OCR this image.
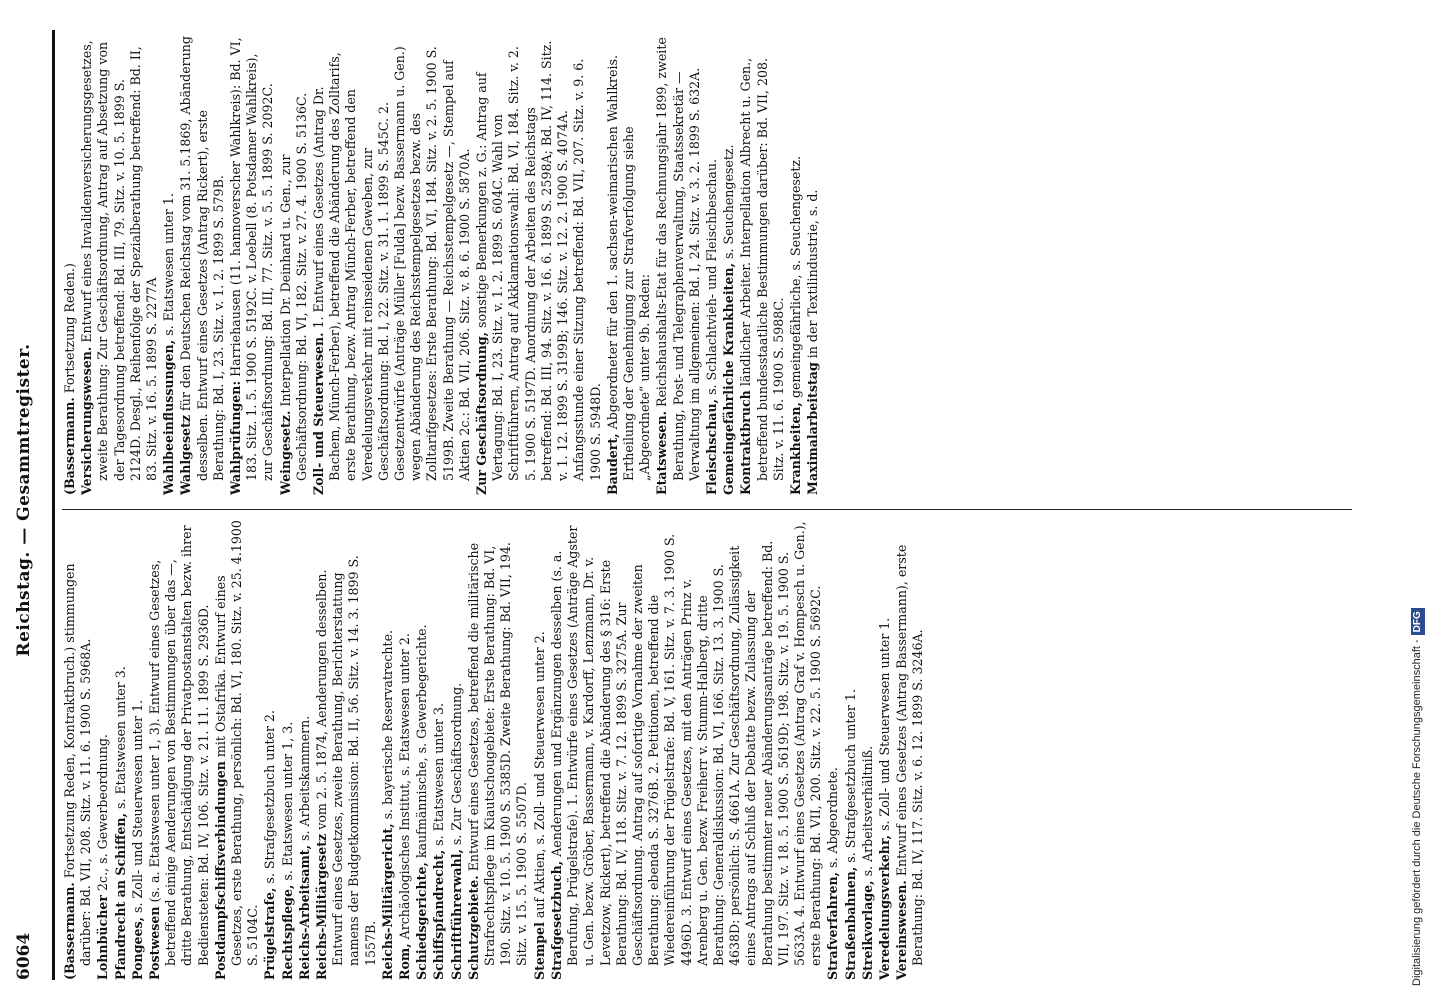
6064
Reichstag. — Gesammtregister.
(Bassermann. Fortsetzung Reden, Kontraktbruch.) stimmungen darüber: Bd. VII, 208. Sitz. v. 11. 6. 1900 S. 5968A. Lohnbücher 2c., s. Gewerbeordnung.
Pfandrecht an Schiffen, s. Etatswesen unter 3.
Pongees, s. Zoll- und Steuerwesen unter 1.
Postwesen (s. a. Etatswesen unter 1, 3). Entwurf eines Gesetzes, betreffend einige Aenderungen von Bestimmungen über das —, dritte Berathung, Entschädigung der Privatpostanstalten bezw. ihrer Bediensteten: Bd. IV, 106. Sitz. v. 21. 11. 1899 S. 2936D. Postdampfschiffsverbindungen mit Ostafrika. Entwurf eines Gesetzes, erste Berathung, persönlich: Bd. VI, 180. Sitz. v. 25. 4.1900 S. 5104C. Prügelstrafe, s. Strafgesetzbuch unter 2.
Rechtspflege, s. Etatswesen unter 1, 3.
Reichs-Arbeitsamt, s. Arbeitskammern.
Reichs-Militärgesetz vom 2. 5. 1874, Aenderungen desselben. Entwurf eines Gesetzes, zweite Berathung, Berichterstattung namens der Budgetkommission: Bd. II, 56. Sitz. v. 14. 3. 1899 S. 1557B. Reichs-Militärgericht, s. bayerische Reservatrechte.
Rom, Archäologisches Institut, s. Etatswesen unter 2. Schiedsgerichte, kaufmännische, s. Gewerbegerichte.
Schiffspfandrecht, s. Etatswesen unter 3.
Schriftführerwahl, s. Zur Geschäftsordnung.
Schutzgebiete. Entwurf eines Gesetzes, betreffend die militärische Strafrechtspflege im Kiautschougebiete: Erste Berathung: Bd. VI, 190. Sitz. v. 10. 5. 1900 S. 5385D. Zweite Berathung: Bd. VII, 194. Sitz. v. 15. 5. 1900 S. 5507D. Stempel auf Aktien, s. Zoll- und Steuerwesen unter 2.
Strafgesetzbuch, Aenderungen und Ergänzungen desselben (s. a. Berufung, Prügelstrafe). 1. Entwürfe eines Gesetzes (Anträge Agster u. Gen. bezw. Gröber, Bassermann, v. Kardorff, Lenzmann, Dr. v. Levetzow, Rickert), betreffend die Abänderung des § 316: Erste Berathung: Bd. IV, 118. Sitz. v. 7. 12. 1899 S. 3275A. Zur Geschäftsordnung. Antrag auf sofortige Vornahme der zweiten Berathung: ebenda S. 3276B. 2. Petitionen, betreffend die Wiedereinführung der Prügelstrafe: Bd. V, 161. Sitz. v. 7. 3. 1900 S. 4496D. 3. Entwurf eines Gesetzes, mit den Anträgen Prinz v. Arenberg u. Gen. bezw. Freiherr v. Stumm-Halberg, dritte Berathung: Generaldiskussion: Bd. VI, 166. Sitz. 13. 3. 1900 S. 4638D: persönlich: S. 4661A. Zur Geschäftsordnung, Zulässigkeit eines Antrags auf Schluß der Debatte bezw. Zulassung der Berathung bestimmter neuer Abänderungsanträge betreffend: Bd. VII, 197. Sitz. v. 18. 5. 1900 S. 5619D; 198. Sitz. v. 19. 5. 1900 S. 5633A. 4. Entwurf eines Gesetzes (Antrag Graf v. Hompesch u. Gen.), erste Berathung: Bd. VII, 200. Sitz. v. 22. 5. 1900 S. 5692C. Strafverfahren, s. Abgeordnete.
Straßenbahnen, s. Strafgesetzbuch unter 1.
Streikvorlage, s. Arbeitsverhältniß.
Veredelungsverkehr, s. Zoll- und Steuerwesen unter 1.
Vereinswesen. Entwurf eines Gesetzes (Antrag Bassermann), erste Berathung: Bd. IV, 117. Sitz. v. 6. 12. 1899 S. 3246A.
(Bassermann. Fortsetzung Reden.)
Versicherungswesen. Entwurf eines Invalidenversicherungsgesetzes, zweite Berathung: Zur Geschäftsordnung, Antrag auf Absetzung von der Tagesordnung betreffend: Bd. III, 79. Sitz. v. 10. 5. 1899 S. 2124D. Desgl., Reihenfolge der Spezialberathung betreffend: Bd. II, 83. Sitz. v. 16. 5. 1899 S. 2277A Wahlbeeinflussungen, s. Etatswesen unter 1.
Wahlgesetz für den Deutschen Reichstag vom 31. 5.1869, Abänderung desselben. Entwurf eines Gesetzes (Antrag Rickert), erste Berathung: Bd. I, 23. Sitz. v. 1. 2. 1899 S. 579B. Wahlprüfungen: Harriehausen (11. hannoverscher Wahlkreis): Bd. VI, 183. Sitz. 1. 5. 1900 S. 5192C. v. Loebell (8. Potsdamer Wahlkreis), zur Geschäftsordnung: Bd. III, 77. Sitz. v. 5. 5. 1899 S. 2092C. Weingesetz. Interpellation Dr. Deinhard u. Gen., zur Geschäftsordnung: Bd. VI, 182. Sitz. v. 27. 4. 1900 S. 5136C. Zoll- und Steuerwesen. 1. Entwurf eines Gesetzes (Antrag Dr. Bachem, Münch-Ferber), betreffend die Abänderung des Zolltarifs, erste Berathung, bezw. Antrag Münch-Ferber, betreffend den Veredelungsverkehr mit reinseidenen Geweben, zur Geschäftsordnung: Bd. I, 22. Sitz. v. 31. 1. 1899 S. 545C. 2. Gesetzentwürfe (Anträge Müller [Fulda] bezw. Bassermann u. Gen.) wegen Abänderung des Reichsstempelgesetzes bezw. des Zolltarifgesetzes: Erste Berathung: Bd. VI, 184. Sitz. v. 2. 5. 1900 S. 5199B. Zweite Berathung — Reichsstempelgesetz —, Stempel auf Aktien 2c.: Bd. VII, 206. Sitz. v. 8. 6. 1900 S. 5870A. Zur Geschäftsordnung, sonstige Bemerkungen z. G.: Antrag auf Vertagung: Bd. I, 23. Sitz. v. 1. 2. 1899 S. 604C. Wahl von Schriftführern, Antrag auf Akklamationswahl: Bd. VI, 184. Sitz. v. 2. 5. 1900 S. 5197D. Anordnung der Arbeiten des Reichstags betreffend: Bd. III, 94. Sitz. v. 16. 6. 1899 S. 2598A; Bd. IV, 114. Sitz. v. 1. 12. 1899 S. 3199B; 146. Sitz. v. 12. 2. 1900 S. 4074A. Anfangsstunde einer Sitzung betreffend: Bd. VII, 207. Sitz. v. 9. 6. 1900 S. 5948D. Baudert, Abgeordneter für den 1. sachsen-weimarischen Wahlkreis. Ertheilung der Genehmigung zur Strafverfolgung siehe „Abgeordnete“ unter 9b. Reden: Etatswesen. Reichshaushalts-Etat für das Rechnungsjahr 1899, zweite Berathung, Post- und Telegraphenverwaltung, Staatssekretär — Verwaltung im allgemeinen: Bd. I, 24. Sitz. v. 3. 2. 1899 S. 632A. Fleischschau, s. Schlachtvieh- und Fleischbeschau. Gemeingefährliche Krankheiten, s. Seuchengesetz.
Kontraktbruch ländlicher Arbeiter. Interpellation Albrecht u. Gen., betreffend bundesstaatliche Bestimmungen darüber: Bd. VII, 208. Sitz. v. 11. 6. 1900 S. 5988C. Krankheiten, gemeingefährliche, s. Seuchengesetz.
Maximalarbeitstag in der Textilindustrie, s. d.
Digitalisierung gefördert durch die Deutsche Forschungsgemeinschaft -DFG
